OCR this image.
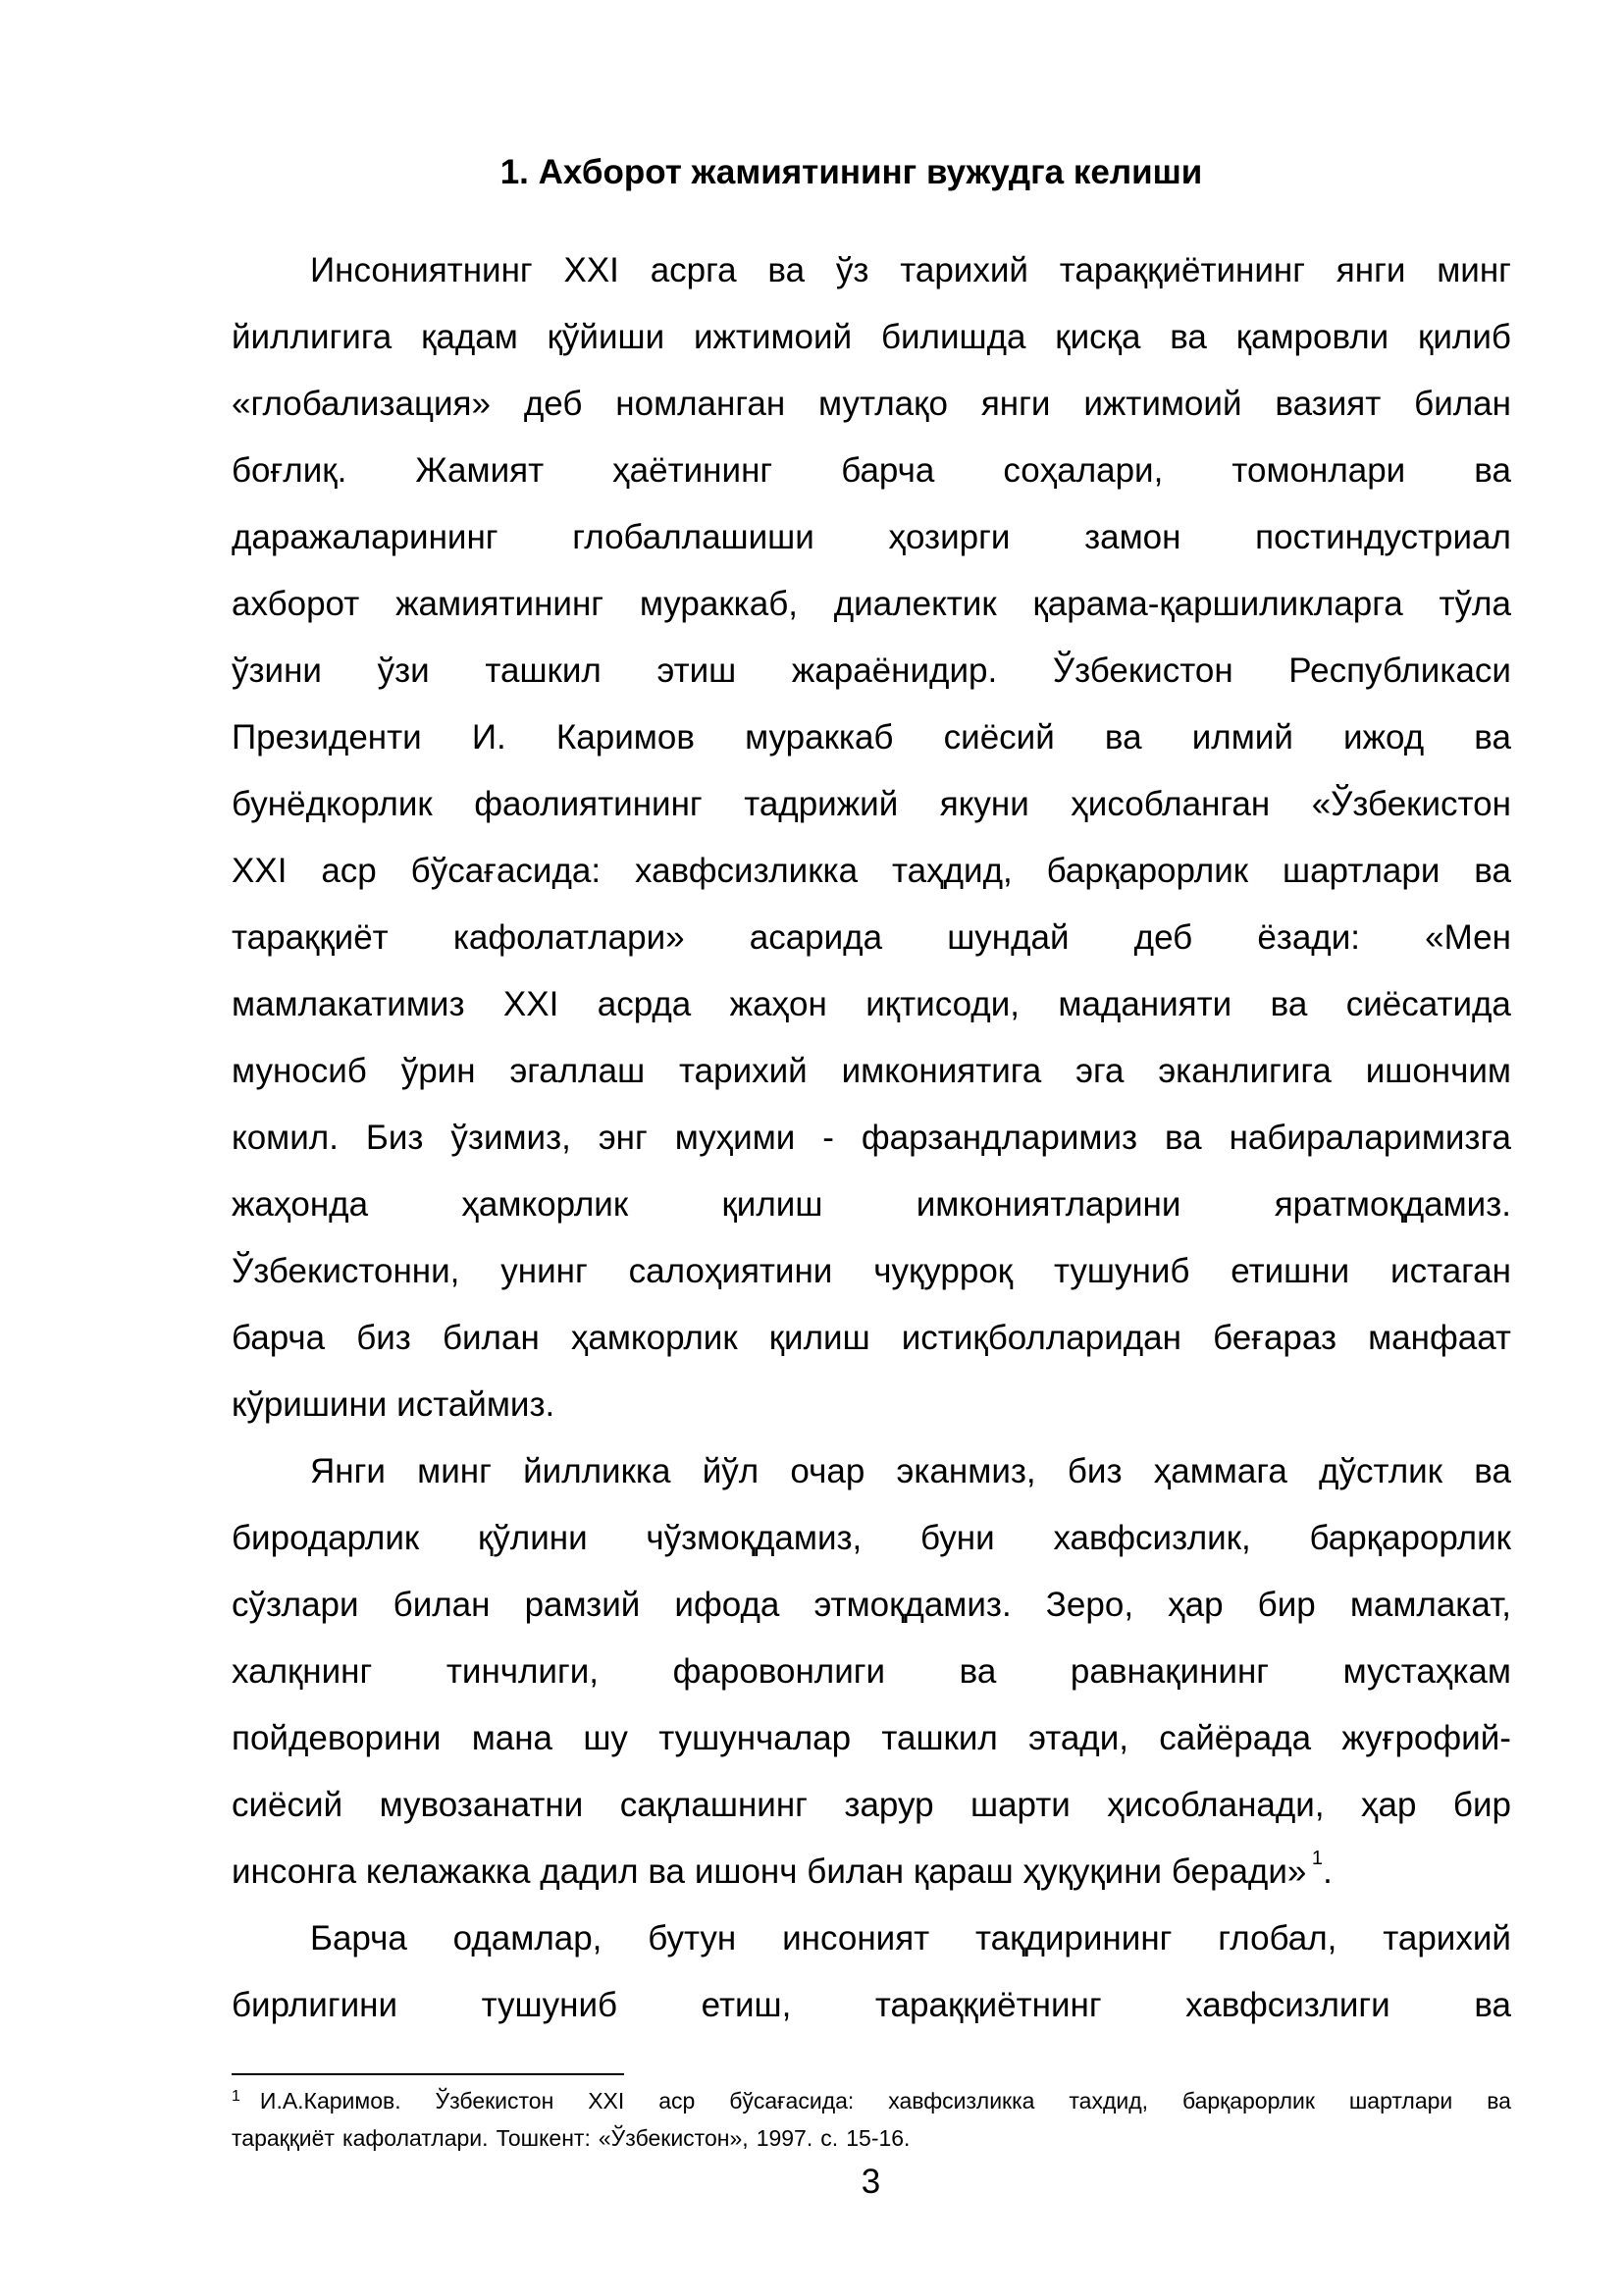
1. Ахборот жамиятининг вужудга келиши
Инсониятнинг XXI асрга ва ўз тарихий тараққиётининг янги минг
йиллигига қадам қўйиши ижтимоий билишда қисқа ва қамровли қилиб
«глобализация» деб номланган мутлақо янги ижтимоий вазият билан
боғлиқ. Жамият ҳаётининг барча соҳалари, томонлари ва
даражаларининг глобаллашиши ҳозирги замон постиндустриал
ахборот жамиятининг мураккаб, диалектик қарама-қаршиликларга тўла
ўзини ўзи ташкил этиш жараёнидир. Ўзбекистон Республикаси
Президенти И. Каримов мураккаб сиёсий ва илмий ижод ва
бунёдкорлик фаолиятининг тадрижий якуни ҳисобланган «Ўзбекистон
XXI аср бўсағасида: хавфсизликка таҳдид, барқарорлик шартлари ва
тараққиёт кафолатлари» асарида шундай деб ёзади: «Мен
мамлакатимиз XXI асрда жаҳон иқтисоди, маданияти ва сиёсатида
муносиб ўрин эгаллаш тарихий имкониятига эга эканлигига ишончим
комил. Биз ўзимиз, энг муҳими - фарзандларимиз ва набираларимизга
жаҳонда	ҳамкорлик	қилиш	имкониятларини	яратмоқдамиз.
Ўзбекистонни, унинг салоҳиятини чуқурроқ тушуниб етишни истаган
барча биз билан ҳамкорлик қилиш истиқболларидан беғараз манфаат
кўришини истаймиз.
Янги минг йилликка йўл очар эканмиз, биз ҳаммага дўстлик ва
биродарлик қўлини чўзмоқдамиз, буни хавфсизлик, барқарорлик
сўзлари билан рамзий ифода этмоқдамиз. Зеро, ҳар бир мамлакат,
халқнинг тинчлиги, фаровонлиги ва равнақининг мустаҳкам
пойдеворини мана шу тушунчалар ташкил этади, сайёрада жуғрофий-
сиёсий мувозанатни сақлашнинг зарур шарти ҳисобланади, ҳар бир
инсонга келажакка дадил ва ишонч билан қараш ҳуқуқини беради» $^1$.
Барча одамлар, бутун инсоният тақдирининг глобал, тарихий
бирлигини тушуниб етиш, тараққиётнинг хавфсизлиги ва
$^1$ И.А.Каримов. Ўзбекистон XXI аср бўсағасида: хавфсизликка тахдид, барқарорлик шартлари ва
тараққиёт кафолатлари. Тошкент: «Ўзбекистон», 1997. с. 15-16.
3
